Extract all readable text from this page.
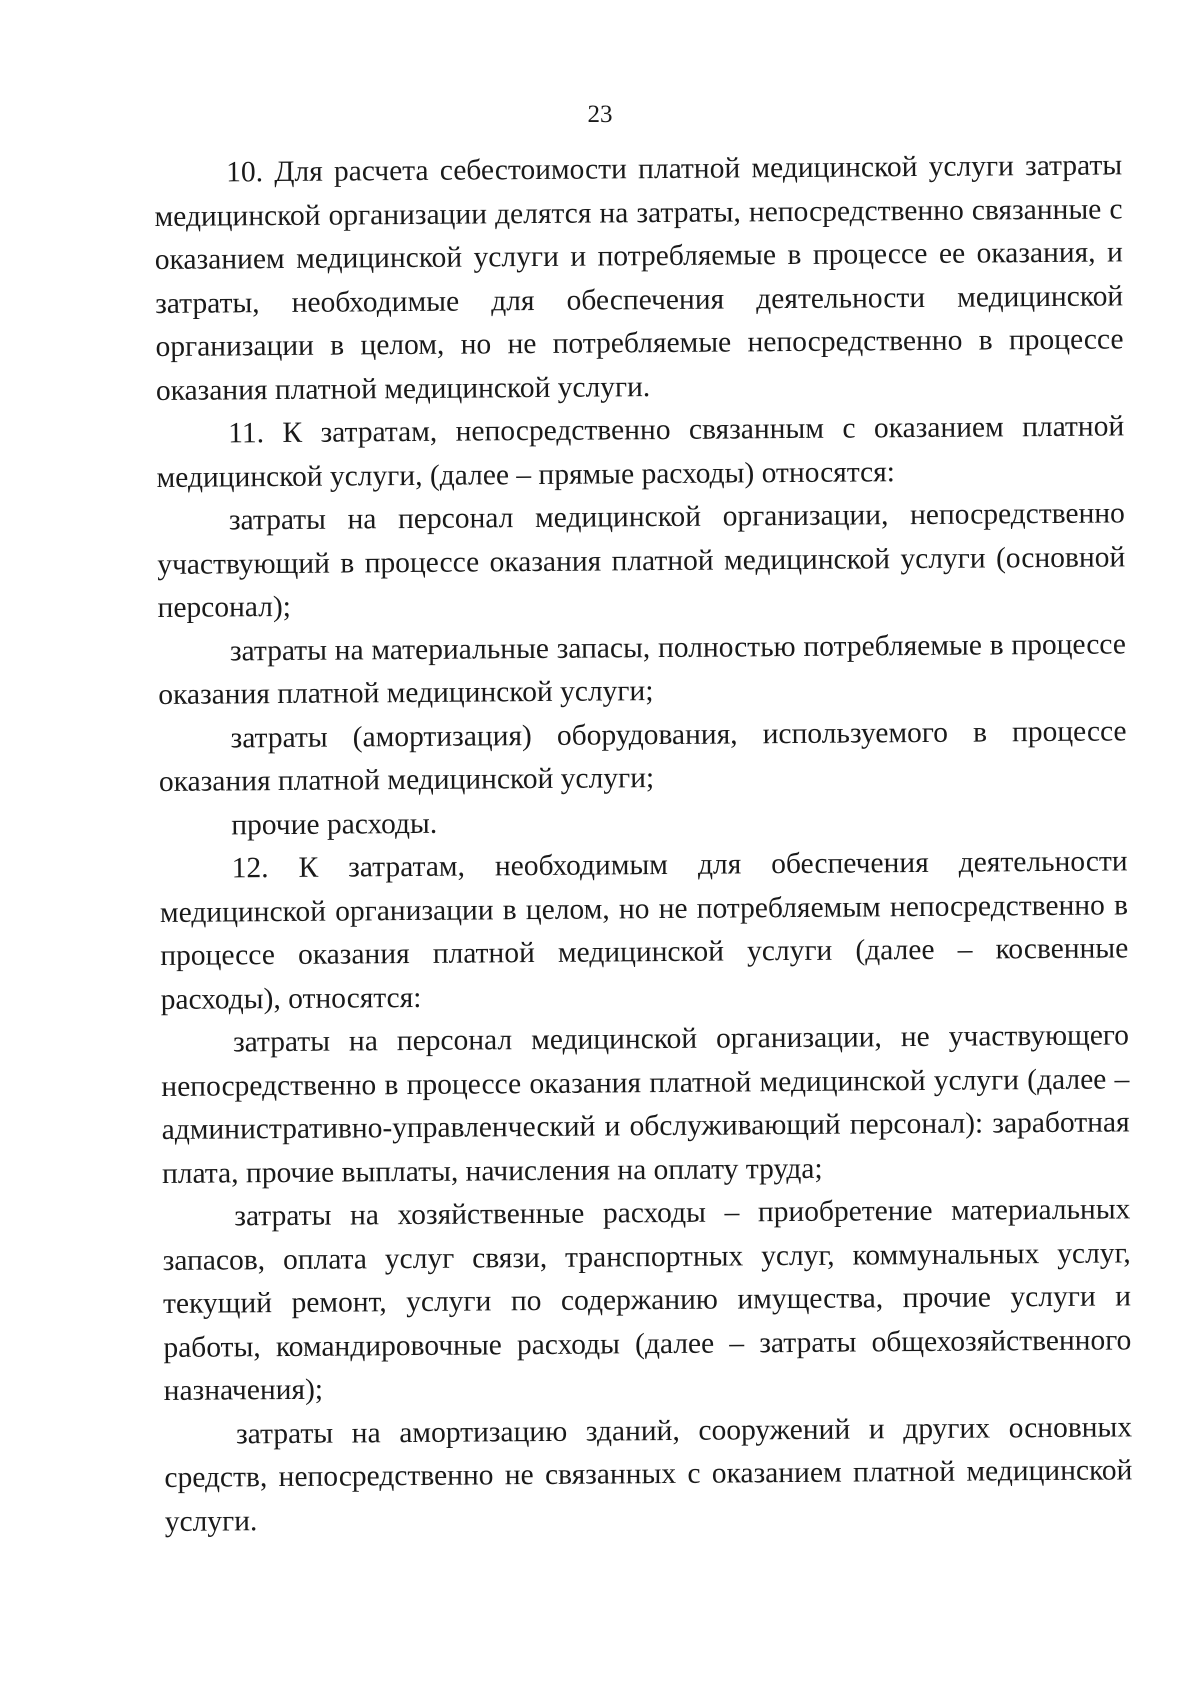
23

10. Для расчета себестоимости платной медицинской услуги затраты медицинской организации делятся на затраты, непосредственно связанные с оказанием медицинской услуги и потребляемые в процессе ее оказания, и затраты, необходимые для обеспечения деятельности медицинской организации в целом, но не потребляемые непосредственно в процессе оказания платной медицинской услуги.

11. К затратам, непосредственно связанным с оказанием платной медицинской услуги, (далее – прямые расходы) относятся:

затраты на персонал медицинской организации, непосредственно участвующий в процессе оказания платной медицинской услуги (основной персонал);

затраты на материальные запасы, полностью потребляемые в процессе оказания платной медицинской услуги;

затраты (амортизация) оборудования, используемого в процессе оказания платной медицинской услуги;

прочие расходы.

12. К затратам, необходимым для обеспечения деятельности медицинской организации в целом, но не потребляемым непосредственно в процессе оказания платной медицинской услуги (далее – косвенные расходы), относятся:

затраты на персонал медицинской организации, не участвующего непосредственно в процессе оказания платной медицинской услуги (далее – административно-управленческий и обслуживающий персонал): заработная плата, прочие выплаты, начисления на оплату труда;

затраты на хозяйственные расходы – приобретение материальных запасов, оплата услуг связи, транспортных услуг, коммунальных услуг, текущий ремонт, услуги по содержанию имущества, прочие услуги и работы, командировочные расходы (далее – затраты общехозяйственного назначения);

затраты на амортизацию зданий, сооружений и других основных средств, непосредственно не связанных с оказанием платной медицинской услуги.
